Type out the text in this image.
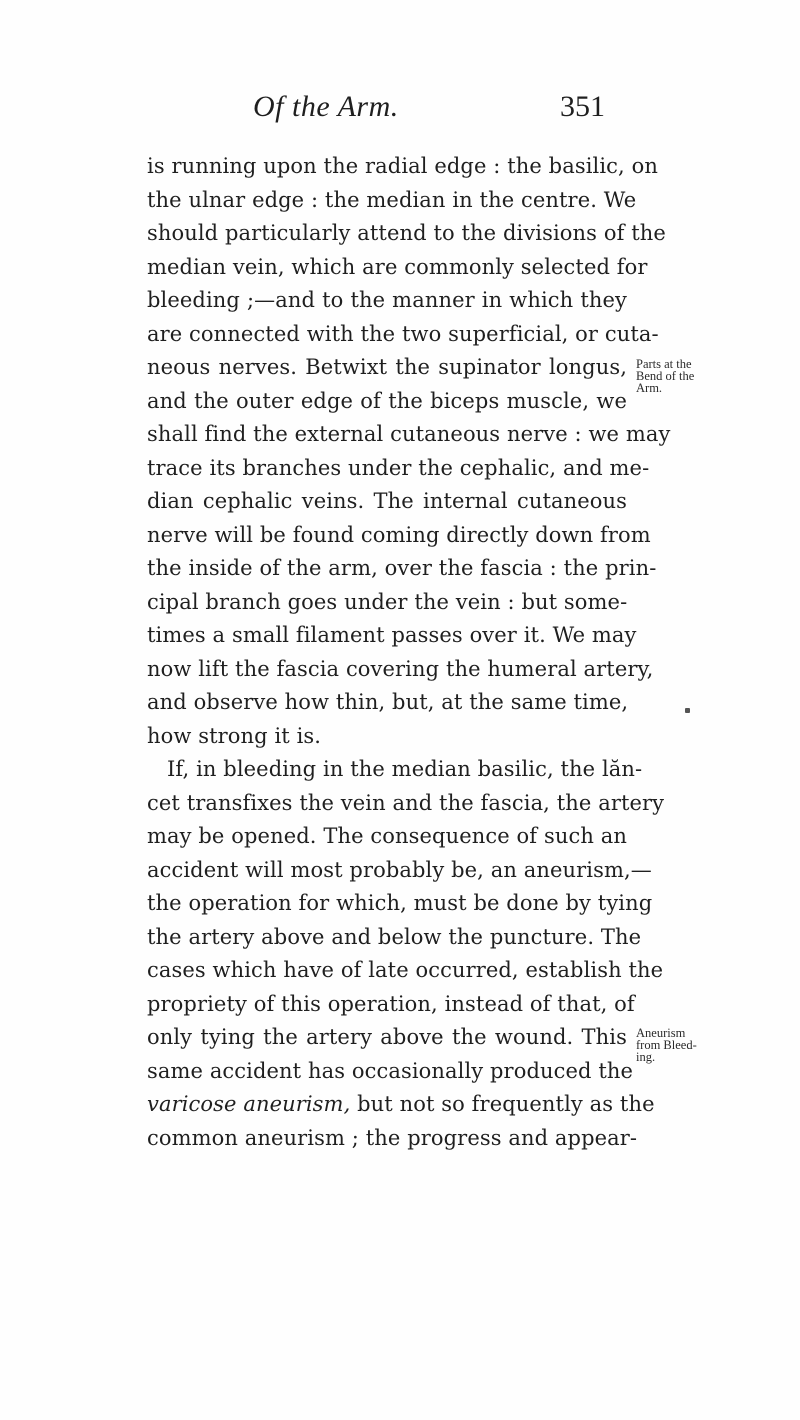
Of the Arm.	351
is running upon the radial edge : the basilic, on
the ulnar edge : the median in the centre. We
should particularly attend to the divisions of the
median vein, which are commonly selected for
bleeding ;—and to the manner in which they
are connected with the two superficial, or cuta-
neous nerves. Betwixt the supinator longus,
and the outer edge of the biceps muscle, we
shall find the external cutaneous nerve : we may
trace its branches under the cephalic, and me-
dian cephalic veins. The internal cutaneous
nerve will be found coming directly down from
the inside of the arm, over the fascia : the prin-
cipal branch goes under the vein : but some-
times a small filament passes over it. We may
now lift the fascia covering the humeral artery,
and observe how thin, but, at the same time,
how strong it is.
If, in bleeding in the median basilic, the lăn-
cet transfixes the vein and the fascia, the artery
may be opened. The consequence of such an
accident will most probably be, an aneurism,—
the operation for which, must be done by tying
the artery above and below the puncture. The
cases which have of late occurred, establish the
propriety of this operation, instead of that, of
only tying the artery above the wound. This
same accident has occasionally produced the
varicose aneurism, but not so frequently as the
common aneurism ; the progress and appear-
Parts at the
Bend of the
Arm.
Aneurism
from Bleed-
ing.
